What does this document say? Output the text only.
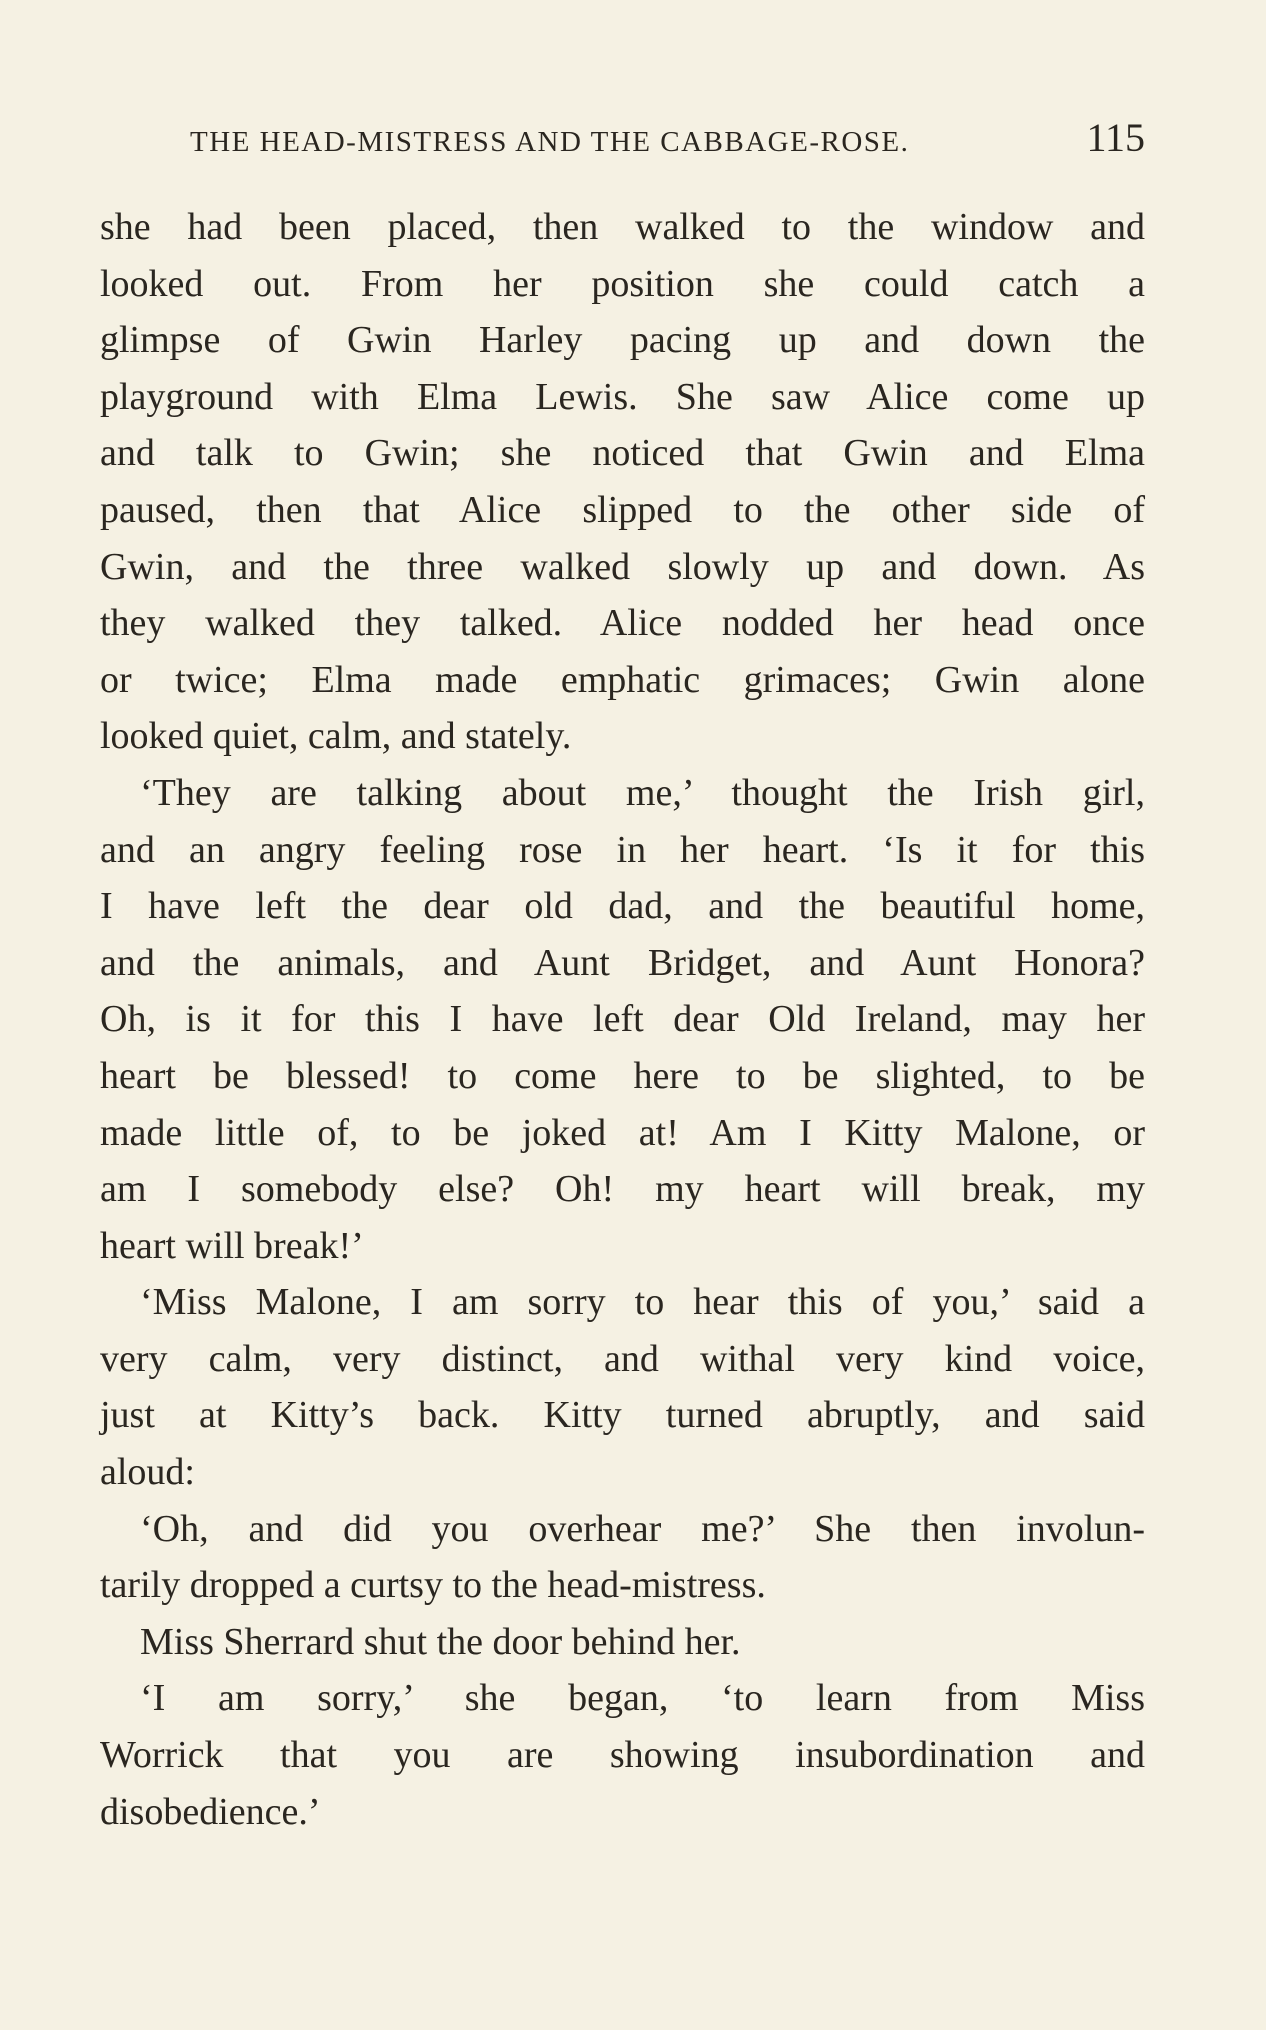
THE HEAD-MISTRESS AND THE CABBAGE-ROSE.	115
she had been placed, then walked to the window and
looked out. From her position she could catch a
glimpse of Gwin Harley pacing up and down the
playground with Elma Lewis. She saw Alice come up
and talk to Gwin; she noticed that Gwin and Elma
paused, then that Alice slipped to the other side of
Gwin, and the three walked slowly up and down. As
they walked they talked. Alice nodded her head once
or twice; Elma made emphatic grimaces; Gwin alone
looked quiet, calm, and stately.
‘They are talking about me,’ thought the Irish girl,
and an angry feeling rose in her heart. ‘Is it for this
I have left the dear old dad, and the beautiful home,
and the animals, and Aunt Bridget, and Aunt Honora?
Oh, is it for this I have left dear Old Ireland, may her
heart be blessed! to come here to be slighted, to be
made little of, to be joked at! Am I Kitty Malone, or
am I somebody else? Oh! my heart will break, my
heart will break!’
‘Miss Malone, I am sorry to hear this of you,’ said a
very calm, very distinct, and withal very kind voice,
just at Kitty’s back. Kitty turned abruptly, and said
aloud:
‘Oh, and did you overhear me?’ She then involun-
tarily dropped a curtsy to the head-mistress.
Miss Sherrard shut the door behind her.
‘I am sorry,’ she began, ‘to learn from Miss
Worrick that you are showing insubordination and
disobedience.’
